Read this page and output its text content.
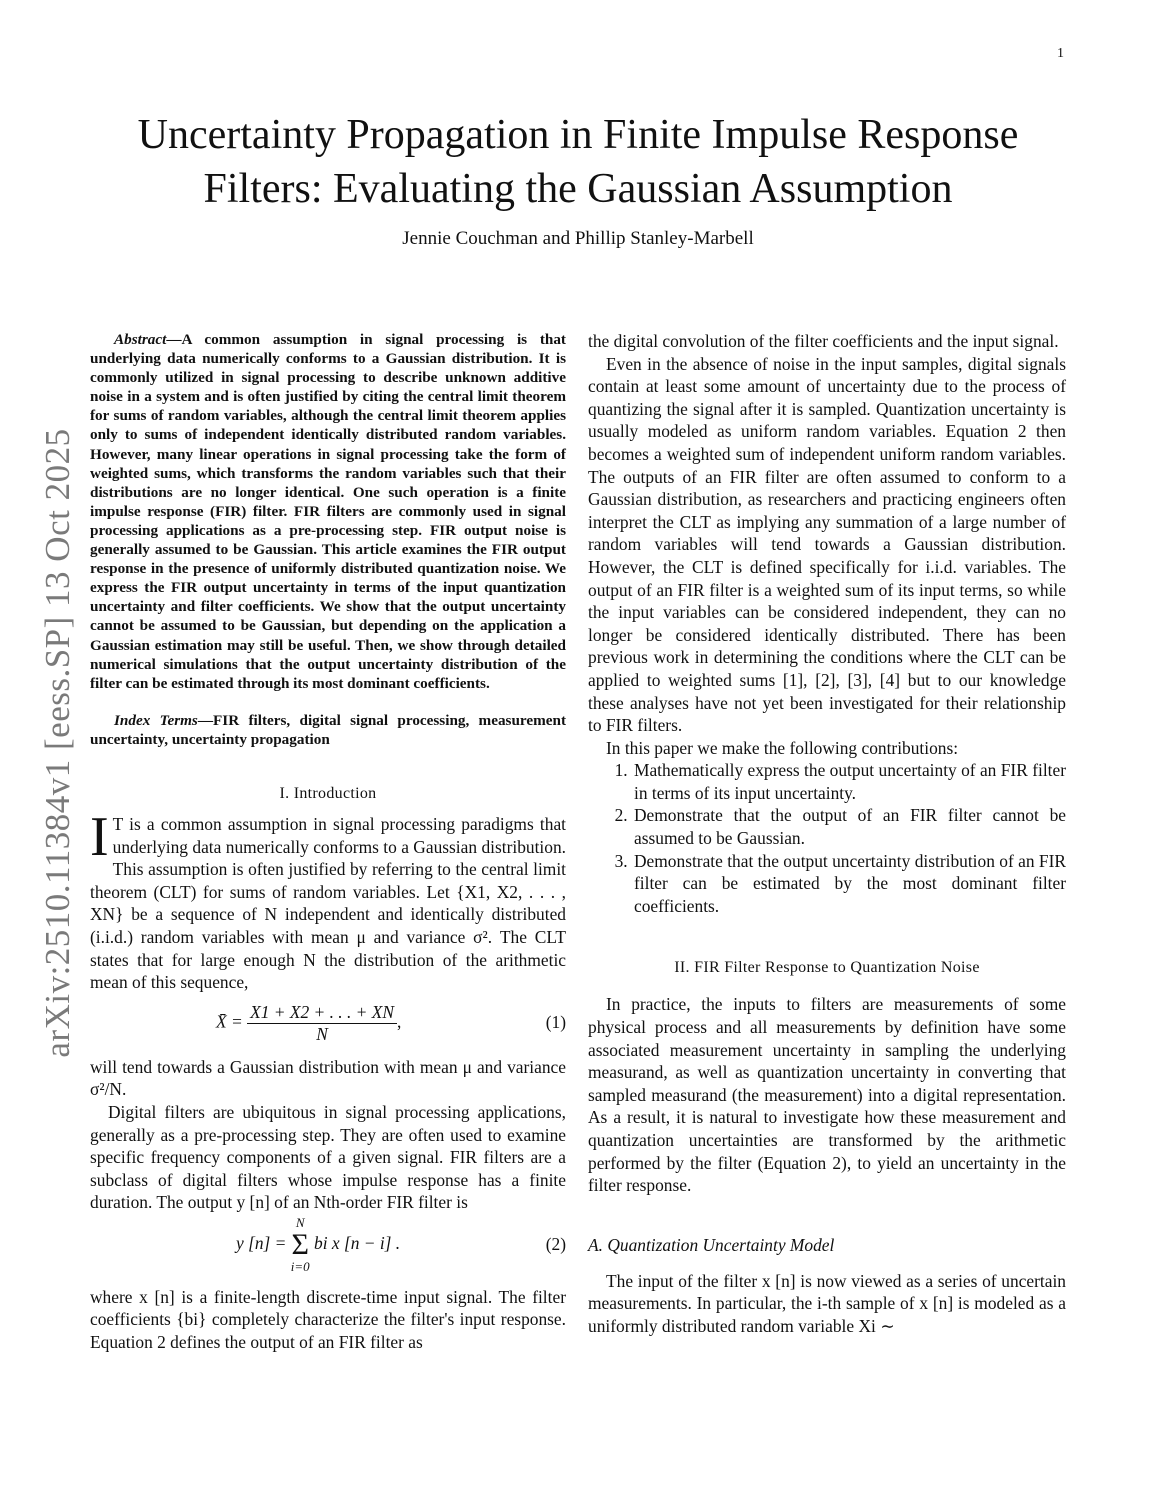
1
arXiv:2510.11384v1 [eess.SP] 13 Oct 2025
Uncertainty Propagation in Finite Impulse Response
Filters: Evaluating the Gaussian Assumption
Jennie Couchman and Phillip Stanley-Marbell

Abstract—A common assumption in signal processing is that underlying data numerically conforms to a Gaussian distribution. It is commonly utilized in signal processing to describe unknown additive noise in a system and is often justified by citing the central limit theorem for sums of random variables, although the central limit theorem applies only to sums of independent identically distributed random variables. However, many linear operations in signal processing take the form of weighted sums, which transforms the random variables such that their distributions are no longer identical. One such operation is a finite impulse response (FIR) filter. FIR filters are commonly used in signal processing applications as a pre-processing step. FIR output noise is generally assumed to be Gaussian. This article examines the FIR output response in the presence of uniformly distributed quantization noise. We express the FIR output uncertainty in terms of the input quantization uncertainty and filter coefficients. We show that the output uncertainty cannot be assumed to be Gaussian, but depending on the application a Gaussian estimation may still be useful. Then, we show through detailed numerical simulations that the output uncertainty distribution of the filter can be estimated through its most dominant coefficients.

Index Terms—FIR filters, digital signal processing, measurement uncertainty, uncertainty propagation

I. Introduction

I T is a common assumption in signal processing paradigms that underlying data numerically conforms to a Gaussian distribution. This assumption is often justified by referring to the central limit theorem (CLT) for sums of random variables. Let {X1, X2, . . . , XN} be a sequence of N independent and identically distributed (i.i.d.) random variables with mean μ and variance σ². The CLT states that for large enough N the distribution of the arithmetic mean of this sequence,

X̄ = $\frac{X1 + X2 + . . . + XN}{N}$ ,	(1)

will tend towards a Gaussian distribution with mean μ and variance σ²/N.

Digital filters are ubiquitous in signal processing applications, generally as a pre-processing step. They are often used to examine specific frequency components of a given signal. FIR filters are a subclass of digital filters whose impulse response has a finite duration. The output y [n] of an Nth-order FIR filter is

y [n] =
N
Σ
i=0
bi x [n − i] .	(2)

where x [n] is a finite-length discrete-time input signal. The filter coefficients {bi} completely characterize the filter's input response. Equation 2 defines the output of an FIR filter as

the digital convolution of the filter coefficients and the input signal.

Even in the absence of noise in the input samples, digital signals contain at least some amount of uncertainty due to the process of quantizing the signal after it is sampled. Quantization uncertainty is usually modeled as uniform random variables. Equation 2 then becomes a weighted sum of independent uniform random variables. The outputs of an FIR filter are often assumed to conform to a Gaussian distribution, as researchers and practicing engineers often interpret the CLT as implying any summation of a large number of random variables will tend towards a Gaussian distribution. However, the CLT is defined specifically for i.i.d. variables. The output of an FIR filter is a weighted sum of its input terms, so while the input variables can be considered independent, they can no longer be considered identically distributed. There has been previous work in determining the conditions where the CLT can be applied to weighted sums [1], [2], [3], [4] but to our knowledge these analyses have not yet been investigated for their relationship to FIR filters.

In this paper we make the following contributions:

1. Mathematically express the output uncertainty of an FIR filter in terms of its input uncertainty.
2. Demonstrate that the output of an FIR filter cannot be assumed to be Gaussian.
3. Demonstrate that the output uncertainty distribution of an FIR filter can be estimated by the most dominant filter coefficients.
II. FIR Filter Response to Quantization Noise

In practice, the inputs to filters are measurements of some physical process and all measurements by definition have some associated measurement uncertainty in sampling the underlying measurand, as well as quantization uncertainty in converting that sampled measurand (the measurement) into a digital representation. As a result, it is natural to investigate how these measurement and quantization uncertainties are transformed by the arithmetic performed by the filter (Equation 2), to yield an uncertainty in the filter response.

A. Quantization Uncertainty Model

The input of the filter x [n] is now viewed as a series of uncertain measurements. In particular, the i-th sample of x [n] is modeled as a uniformly distributed random variable Xi ∼
